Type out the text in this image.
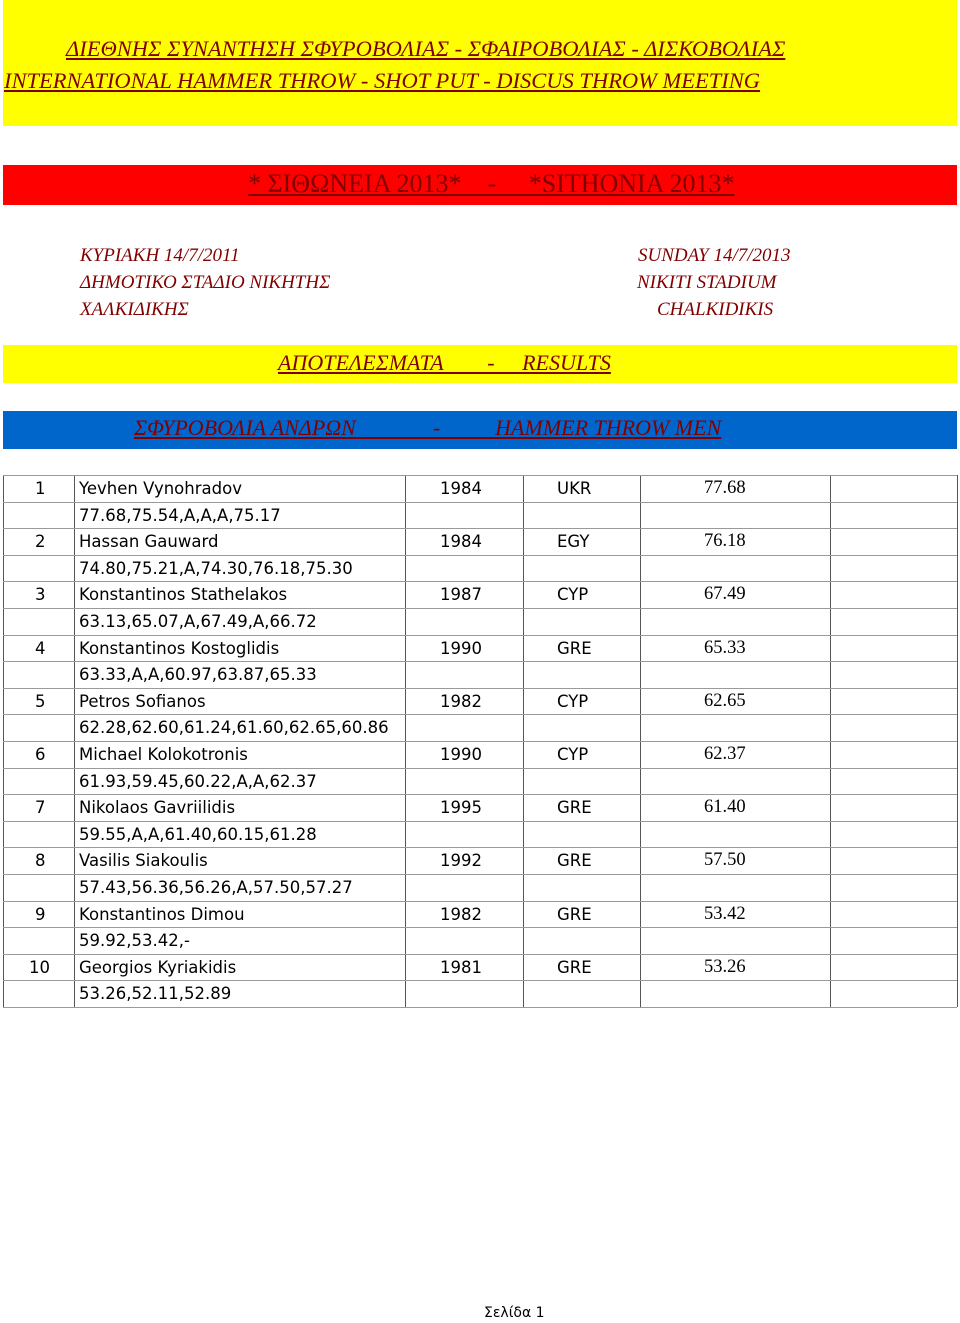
ΔΙΕΘΝΗΣ ΣΥΝΑΝΤΗΣΗ ΣΦΥΡΟΒΟΛΙΑΣ - ΣΦΑΙΡΟΒΟΛΙΑΣ - ΔΙΣΚΟΒΟΛΙΑΣ
INTERNATIONAL HAMMER THROW - SHOT PUT - DISCUS THROW MEETING
* ΣΙΘΩΝΕΙΑ 2013*    -     *SITHONIA 2013*
ΚΥΡΙΑΚΗ 14/7/2011
ΔΗΜΟΤΙΚΟ ΣΤΑΔΙΟ ΝΙΚΗΤΗΣ
ΧΑΛΚΙΔΙΚΗΣ
SUNDAY 14/7/2013
NIKITI STADIUM
CHALKIDIKIS
ΑΠΟΤΕΛΕΣΜΑΤΑ        -     RESULTS
ΣΦΥΡΟΒΟΛΙΑ ΑΝΔΡΩΝ              -          HAMMER THROW MEN
1 Yevhen Vynohradov	1984	UKR	77.68
77.68,75.54,A,A,A,75.17
2 Hassan Gauward	1984	EGY	76.18
74.80,75.21,A,74.30,76.18,75.30
3 Konstantinos Stathelakos	1987	CYP	67.49
63.13,65.07,A,67.49,A,66.72
4 Konstantinos Kostoglidis	1990	GRE	65.33
63.33,A,A,60.97,63.87,65.33
5 Petros Sofianos	1982	CYP	62.65
62.28,62.60,61.24,61.60,62.65,60.86
6 Michael Kolokotronis	1990	CYP	62.37
61.93,59.45,60.22,A,A,62.37
7 Nikolaos Gavriilidis	1995	GRE	61.40
59.55,A,A,61.40,60.15,61.28
8 Vasilis Siakoulis	1992	GRE	57.50
57.43,56.36,56.26,A,57.50,57.27
9 Konstantinos Dimou	1982	GRE	53.42
59.92,53.42,-
10 Georgios Kyriakidis	1981	GRE	53.26
53.26,52.11,52.89
Σελίδα 1
